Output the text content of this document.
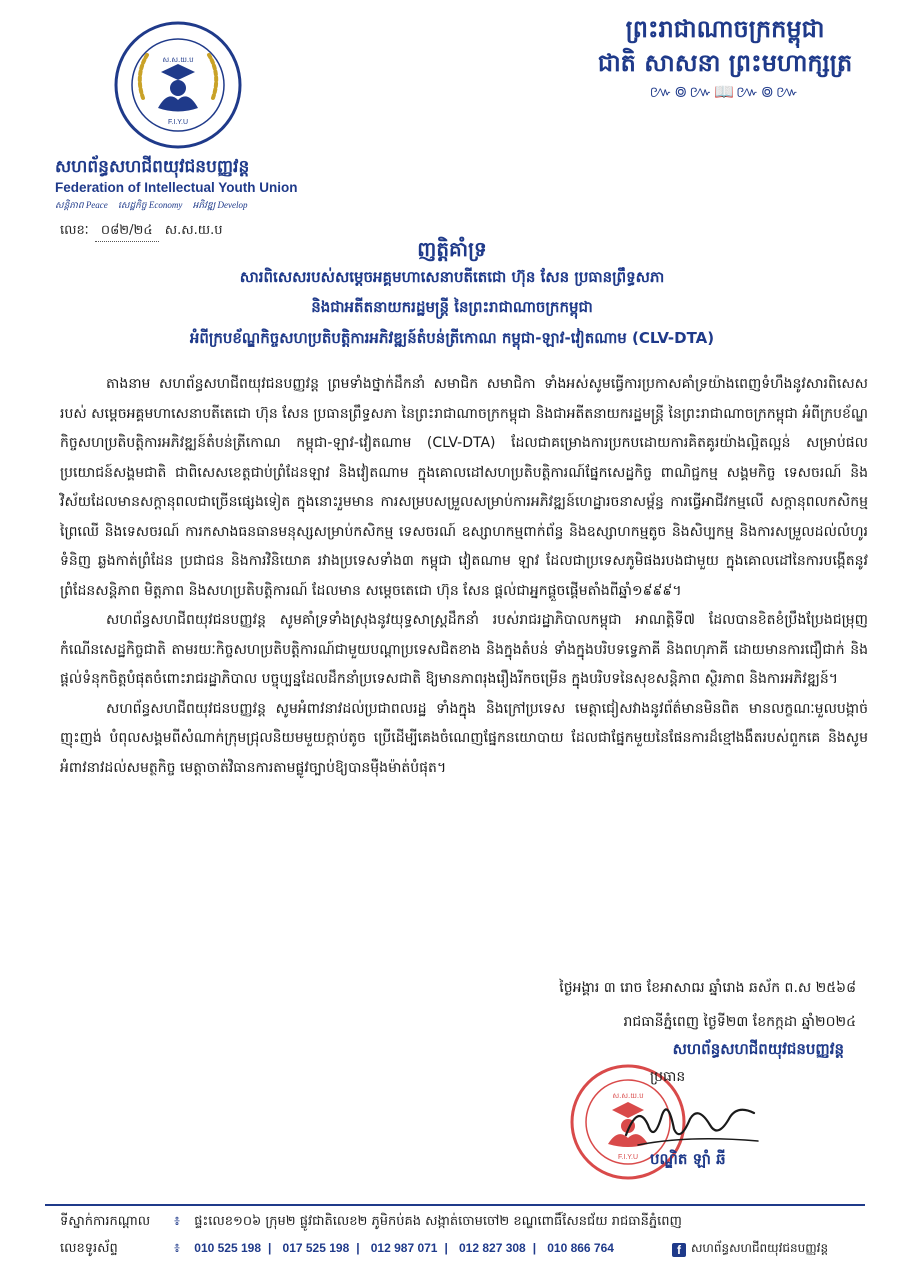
ស.ស.យ.ប
F.I.Y.U
សហព័ន្ធសហជីពយុវជនបញ្ញវន្ត
Federation of Intellectual Youth Union
សន្តិភាព Peace សេដ្ឋកិច្ច Economy អភិវឌ្ឍ Develop
ព្រះរាជាណាចក្រកម្ពុជា
ជាតិ សាសនា ព្រះមហាក្សត្រ
៚៙៚📖៚៙៚
លេខៈ ០៨២/២៤ ស.ស.យ.ប
ញត្តិគាំទ្រ
សារពិសេសរបស់សម្តេចអគ្គមហាសេនាបតីតេជោ ហ៊ុន សែន ប្រធានព្រឹទ្ធសភា
និងជាអតីតនាយករដ្ឋមន្ត្រី នៃព្រះរាជាណាចក្រកម្ពុជា
អំពីក្របខ័ណ្ឌកិច្ចសហប្រតិបត្តិការអភិវឌ្ឍន៍តំបន់ត្រីកោណ កម្ពុជា-ឡាវ-វៀតណាម (CLV-DTA)

តាងនាម សហព័ន្ធសហជីពយុវជនបញ្ញវន្ត ព្រមទាំងថ្នាក់ដឹកនាំ សមាជិក សមាជិកា ទាំងអស់សូមធ្វើការប្រកាសគាំទ្រយ៉ាងពេញទំហឹងនូវសារពិសេស របស់ សម្តេចអគ្គមហាសេនាបតីតេជោ ហ៊ុន សែន ប្រធានព្រឹទ្ធសភា នៃព្រះរាជាណាចក្រកម្ពុជា និងជាអតីតនាយករដ្ឋមន្ត្រី នៃព្រះរាជាណាចក្រកម្ពុជា អំពីក្របខ័ណ្ឌកិច្ចសហប្រតិបត្តិការអភិវឌ្ឍន៍តំបន់ត្រីកោណ កម្ពុជា-ឡាវ-វៀតណាម (CLV-DTA) ដែលជាគម្រោងការប្រកបដោយការគិតគូរយ៉ាងល្អិតល្អន់ សម្រាប់ផលប្រយោជន៍សង្គមជាតិ ជាពិសេសខេត្តជាប់ព្រំដែនឡាវ និងវៀតណាម ក្នុងគោលដៅសហប្រតិបត្តិការណ៍ផ្នែកសេដ្ឋកិច្ច ពាណិជ្ជកម្ម សង្គមកិច្ច ទេសចរណ៍ និងវិស័យដែលមានសក្តានុពលជាច្រើនផ្សេងទៀត ក្នុងនោះរួមមាន ការសម្របសម្រួលសម្រាប់ការអភិវឌ្ឍន៍ហេដ្ឋារចនាសម្ព័ន្ធ ការធ្វើអាជីវកម្មលើ សក្តានុពលកសិកម្ម ព្រៃឈើ និងទេសចរណ៍ ការកសាងធនធានមនុស្សសម្រាប់កសិកម្ម ទេសចរណ៍ ឧស្សាហកម្មពាក់ព័ន្ធ និងឧស្សាហកម្មតូច និងសិប្បកម្ម និងការសម្រួលដល់លំហូរទំនិញ ឆ្លងកាត់ព្រំដែន ប្រជាជន និងការវិនិយោគ រវាងប្រទេសទាំង៣ កម្ពុជា វៀតណាម ឡាវ ដែលជាប្រទេសភូមិផងរបងជាមួយ ក្នុងគោលដៅនៃការបង្កើតនូវព្រំដែនសន្តិភាព មិត្តភាព និងសហប្រតិបត្តិការណ៍ ដែលមាន សម្តេចតេជោ ហ៊ុន សែន ផ្តល់ជាអ្នកផ្តួចផ្តើមតាំងពីឆ្នាំ១៩៩៩។

សហព័ន្ធសហជីពយុវជនបញ្ញវន្ត សូមគាំទ្រទាំងស្រុងនូវយុទ្ធសាស្ត្រដឹកនាំ របស់រាជរដ្ឋាភិបាលកម្ពុជា អាណត្តិទី៧ ដែលបានខិតខំប្រឹងប្រែងជម្រុញកំណើនសេដ្ឋកិច្ចជាតិ តាមរយៈកិច្ចសហប្រតិបត្តិការណ៍ជាមួយបណ្តាប្រទេសជិតខាង និងក្នុងតំបន់ ទាំងក្នុងបរិបទទ្វេភាគី និងពហុភាគី ដោយមានការជឿជាក់ និងផ្តល់ទំនុកចិត្តបំផុតចំពោះរាជរដ្ឋាភិបាល បច្ចុប្បន្នដែលដឹកនាំប្រទេសជាតិ ឱ្យមានភាពរុងរឿងរីកចម្រើន ក្នុងបរិបទនៃសុខសន្តិភាព ស្ថិរភាព និងការអភិវឌ្ឍន៍។

សហព័ន្ធសហជីពយុវជនបញ្ញវន្ត សូមអំពាវនាវដល់ប្រជាពលរដ្ឋ ទាំងក្នុង និងក្រៅប្រទេស មេត្តាជៀសវាងនូវព័ត៌មានមិនពិត មានលក្ខណៈមួលបង្កាច់ ញុះញង់ បំពុលសង្គមពីសំណាក់ក្រុមជ្រុលនិយមមួយក្តាប់តូច ប្រើដើម្បីគេងចំណេញផ្នែកនយោបាយ ដែលជាផ្នែកមួយនៃផែនការដ៏ខ្មៅងងឹតរបស់ពួកគេ និងសូមអំពាវនាវដល់សមត្ថកិច្ច មេត្តាចាត់វិធានការតាមផ្លូវច្បាប់ឱ្យបានម៉ឺងម៉ាត់បំផុត។

ថ្ងៃអង្គារ ៣ រោច ខែអាសាឍ ឆ្នាំរោង ឆស័ក ព.ស ២៥៦៨
រាជធានីភ្នំពេញ ថ្ងៃទី២៣ ខែកក្កដា ឆ្នាំ២០២៤
សហព័ន្ធសហជីពយុវជនបញ្ញវន្ត
ស.ស.យ.ប
F.I.Y.U
ប្រធាន
បណ្ឌិត ឡាំ ឆី
ទីស្នាក់ការកណ្តាល ៖ ផ្ទះលេខ១០៦ ក្រុម២ ផ្លូវជាតិលេខ២ ភូមិកប់គង សង្កាត់ចោមចៅ២ ខណ្ឌពោធិ៍សែនជ័យ រាជធានីភ្នំពេញ
លេខទូរស័ព្ទ	៖ 010 525 198 | 017 525 198 | 012 987 071 | 012 827 308 | 010 866 764	f សហព័ន្ធសហជីពយុវជនបញ្ញវន្ត
